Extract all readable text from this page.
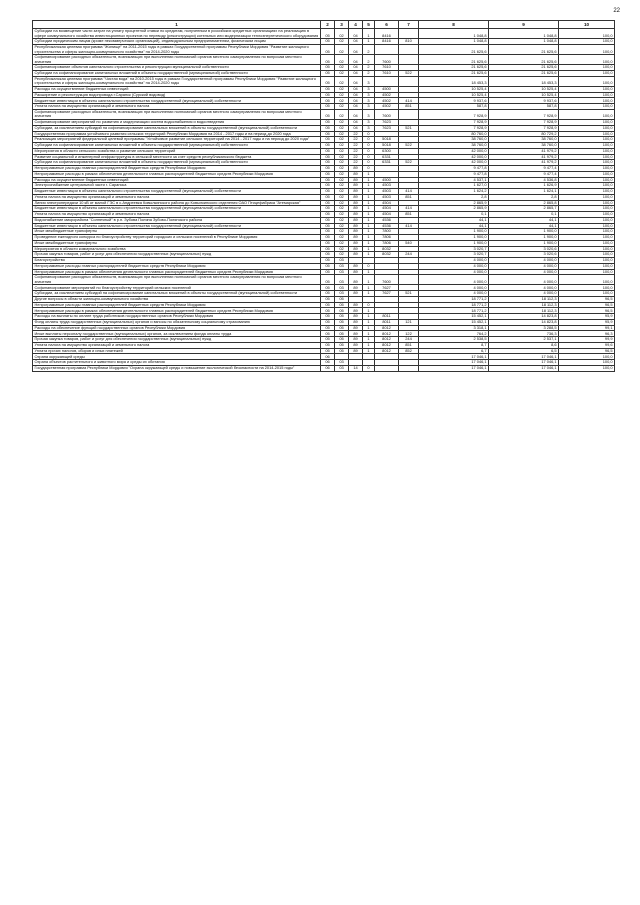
22
1	2	3	4	5	6	7	8	9	10
Субсидии на возмещение части затрат на уплату процентной ставки по кредитам, полученным в российских кредитных организациях на реализацию в сфере коммунального хозяйства инвестиционных проектов по переводу (реконструкции) котельных или модернизации теплоэнергетического оборудования	05	02	04	1	8416		1 048,8	1 048,8	100,0
Субсидии юридическим лицам (кроме некоммерческих организаций), индивидуальным предпринимателям, физическим лицам	05	02	04	1	8416	810	1 048,8	1 048,8	100,0
Республиканская целевая программа "Жилище" на 2011-2015 годы в рамках Государственной программы Республики Мордовия "Развитие жилищного строительства и сферы жилищно-коммунального хозяйства" на 2014-2020 годы	05	02	04	2			21 625,6	21 625,6	100,0
Софинансирование расходных обязательств, возникающих при выполнении полномочий органов местного самоуправления по вопросам местного значения	05	02	04	2	7600		21 625,6	21 625,6	100,0
Софинансирование объектов капитального строительства и реконструкции муниципальной собственности	05	02	04	2	7610		21 625,6	21 625,6	100,0
Субсидии на софинансирование капитальных вложений в объекты государственной (муниципальной) собственности	05	02	04	2	7610	522	21 625,6	21 625,6	100,0
Республиканская целевая программа "Чистая вода" на 2010-2015 годы в рамках Государственной программы Республики Мордовия "Развитие жилищного строительства и сферы жилищно-коммунального хозяйства" на 2014-2020 годы	05	02	04	3			18 453,3	18 453,3	100,0
Расходы на осуществление бюджетных инвестиций	05	02	04	3	4500		10 525,4	10 525,4	100,0
Расширение и реконструкция водопровода г.Саранск (Сурский водовод)	05	02	04	3	4502		10 525,4	10 525,4	100,0
Бюджетные инвестиции в объекты капитального строительства государственной (муниципальной) собственности	05	02	04	3	4502	414	9 937,6	9 937,6	100,0
Уплата налога на имущество организаций и земельного налога	05	02	04	3	4502	851	587,8	587,8	100,0
Софинансирование расходных обязательств, возникающих при выполнении полномочий органов местного самоуправления по вопросам местного значения	05	02	04	3	7600		7 928,9	7 928,9	100,0
Софинансирование мероприятий по развитию и модернизации систем водоснабжения и водоотведения	05	02	04	3	7623		7 928,9	7 928,9	100,0
Субсидии, за исключением субсидий на софинансирование капитальных вложений в объекты государственной (муниципальной) собственности	05	02	04	3	7623	521	7 928,9	7 928,9	100,0
Государственная программа устойчивого развития сельских территорий Республики Мордовия на 2014 - 2017 годы и на период до 2020 года	05	02	22	0			80 760,0	80 729,2	100,0
Реализация мероприятий федеральной целевой программы "Устойчивое развитие сельских территорий на 2014 - 2017 годы и на период до 2020 года"	05	02	22	0	5018		38 760,0	38 760,0	100,0
Субсидии на софинансирование капитальных вложений в объекты государственной (муниципальной) собственности	05	02	22	0	5018	522	38 760,0	38 760,0	100,0
Мероприятия в области сельского хозяйства и развитие сельских территорий	05	02	22	0	6300		42 000,0	41 979,2	100,0
Развитие социальной и инженерной инфраструктуры в сельской местности за счет средств республиканского бюджета	05	02	22	0	6331		42 000,0	41 979,2	100,0
Субсидии на софинансирование капитальных вложений в объекты государственной (муниципальной) собственности	05	02	22	0	6331	522	42 000,0	41 979,2	100,0
Непрограммные расходы главных распорядителей бюджетных средств Республики Мордовия	05	02	89	0			9 477,8	9 477,4	100,0
Непрограммные расходы в рамках обеспечения деятельности главных распорядителей бюджетных средств Республики Мордовия	05	02	89	1			9 477,8	9 477,4	100,0
Расходы на осуществление бюджетных инвестиций	05	02	89	1	4500		4 537,1	4 536,8	100,0
Электроснабжение центральной части г. Саранска	05	02	89	1	4503		1 627,0	1 626,9	100,0
Бюджетные инвестиции в объекты капитального строительства государственной (муниципальной) собственности	05	02	89	1	4503	414	1 624,2	1 624,1	100,0
Уплата налога на имущество организаций и земельного налога	05	02	89	1	4503	851	2,8	2,8	100,0
Линия электропередачи 10 кВ от малой ГЭС в с.Андреевка Ковылкинского района до Ковылкинского отделения ОАО Птицефабрика "Атемарская"	05	02	89	1	4504		2 865,9	2 865,8	100,0
Бюджетные инвестиции в объекты капитального строительства государственной (муниципальной) собственности	05	02	89	1	4504	414	2 865,9	2 865,7	100,0
Уплата налога на имущество организаций и земельного налога	05	02	89	1	4504	851	0,1	0,1	100,0
Водоснабжение микрорайона "Солнечный" в р.п. Зубова Поляна Зубово-Полянского района	05	02	89	1	4536		44,1	44,1	100,0
Бюджетные инвестиции в объекты капитального строительства государственной (муниципальной) собственности	05	02	89	1	4536	414	44,1	44,1	100,0
Иные межбюджетные трансферты	05	02	89	1	7800		1 900,0	1 900,0	100,0
Проведение ежегодного конкурса по благоустройству территорий городских и сельских поселений в Республике Мордовия	05	02	89	1	7806		1 900,0	1 900,0	100,0
Иные межбюджетные трансферты	05	02	89	1	7806	540	1 900,0	1 900,0	100,0
Мероприятия в области коммунального хозяйства	05	02	89	1	8032		3 020,7	3 020,6	100,0
Прочая закупка товаров, работ и услуг для обеспечения государственных (муниципальных) нужд	05	02	89	1	8032	244	3 020,7	3 020,6	100,0
Благоустройство	05	03					4 000,0	4 000,0	100,0
Непрограммные расходы главных распорядителей бюджетных средств Республики Мордовия	05	03	89	0			4 000,0	4 000,0	100,0
Непрограммные расходы в рамках обеспечения деятельности главных распорядителей бюджетных средств Республики Мордовия	05	03	89	1			4 000,0	4 000,0	100,0
Софинансирование расходных обязательств, возникающих при выполнении полномочий органов местного самоуправления по вопросам местного значения	05	03	89	1	7600		4 000,0	4 000,0	100,0
Софинансирование мероприятий по благоустройству территорий сельских поселений	05	03	89	1	7627		4 000,0	4 000,0	100,0
Субсидии, за исключением субсидий на софинансирование капитальных вложений в объекты государственной (муниципальной) собственности	05	03	89	1	7627	521	4 000,0	4 000,0	100,0
Другие вопросы в области жилищно-коммунального хозяйства	05	05					18 771,2	18 112,3	96,5
Непрограммные расходы главных распорядителей бюджетных средств Республики Мордовия	05	05	89	0			18 771,2	18 112,3	96,5
Непрограммные расходы в рамках обеспечения деятельности главных распорядителей бюджетных средств Республики Мордовия	05	05	89	1			18 771,2	18 112,3	96,5
Расходы на выплаты по оплате труда работников государственных органов Республики Мордовия	05	05	89	1	8011		15 452,1	14 823,8	95,9
Фонд оплаты труда государственных (муниципальных) органов и взносы по обязательному социальному страхованию	05	05	89	1	8011	121	15 452,1	14 823,8	95,9
Расходы на обеспечение функций государственных органов Республики Мордовия	05	05	89	1	8012		3 318,1	3 288,5	99,1
Иные выплаты персоналу государственных (муниципальных) органов, за исключением фонда оплаты труда	05	05	89	1	8012	122	764,2	736,3	96,3
Прочая закупка товаров, работ и услуг для обеспечения государственных (муниципальных) нужд	05	05	89	1	8012	244	2 538,5	2 537,1	99,9
Уплата налога на имущество организаций и земельного налога	05	05	89	1	8012	851	8,7	8,6	99,6
Уплата прочих налогов, сборов и иных платежей	05	05	89	1	8012	852	6,7	6,5	96,5
Охрана окружающей среды	06						17 046,1	17 046,1	100,0
Охрана объектов растительного и животного мира и среды их обитания	06	03					17 046,1	17 046,1	100,0
Государственная программа Республики Мордовия "Охрана окружающей среды и повышение экологической безопасности на 2014-2015 годы"	06	03	14	0			17 046,1	17 046,1	100,0
